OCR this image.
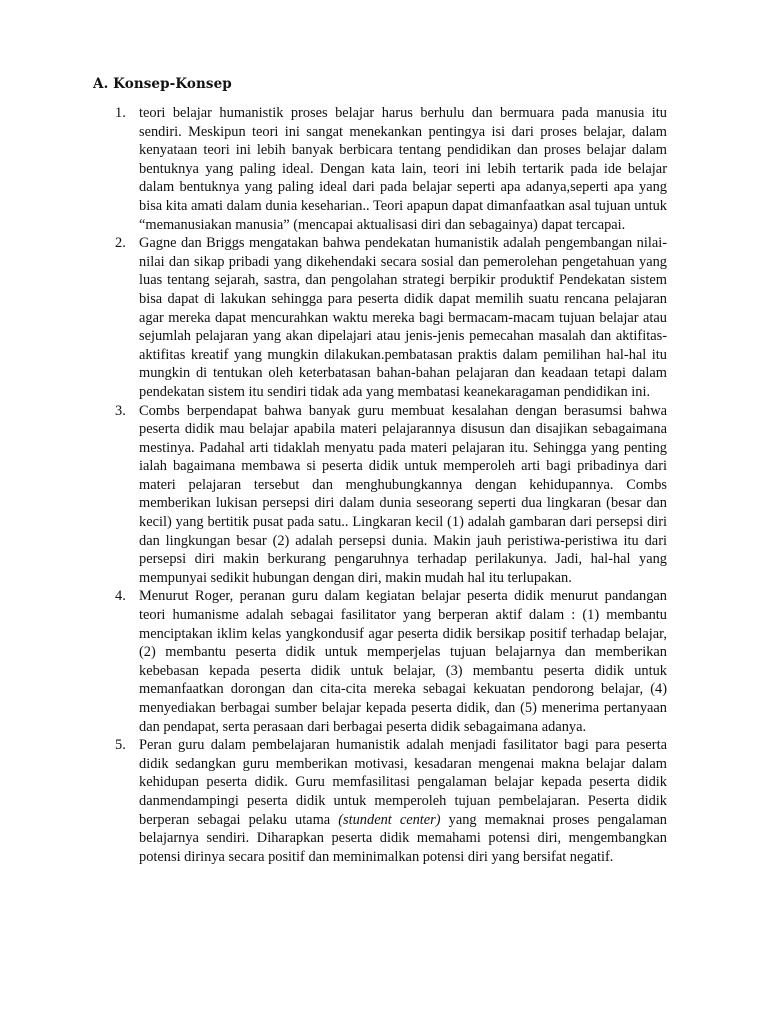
A. Konsep-Konsep
1. teori belajar humanistik proses belajar harus berhulu dan bermuara pada manusia itu sendiri. Meskipun teori ini sangat menekankan pentingya isi dari proses belajar, dalam kenyataan teori ini lebih banyak berbicara tentang pendidikan dan proses belajar dalam bentuknya yang paling ideal. Dengan kata lain, teori ini lebih tertarik pada ide belajar dalam bentuknya yang paling ideal dari pada belajar seperti apa adanya,seperti apa yang bisa kita amati dalam dunia keseharian.. Teori apapun dapat dimanfaatkan asal tujuan untuk “memanusiakan manusia” (mencapai aktualisasi diri dan sebagainya) dapat tercapai.
2. Gagne dan Briggs mengatakan bahwa pendekatan humanistik adalah pengembangan nilai-nilai dan sikap pribadi yang dikehendaki secara sosial dan pemerolehan pengetahuan yang luas tentang sejarah, sastra, dan pengolahan strategi berpikir produktif Pendekatan sistem bisa dapat di lakukan sehingga para peserta didik dapat memilih suatu rencana pelajaran agar mereka dapat mencurahkan waktu mereka bagi bermacam-macam tujuan belajar atau sejumlah pelajaran yang akan dipelajari atau jenis-jenis pemecahan masalah dan aktifitas-aktifitas kreatif yang mungkin dilakukan.pembatasan praktis dalam pemilihan hal-hal itu mungkin di tentukan oleh keterbatasan bahan-bahan pelajaran dan keadaan tetapi dalam pendekatan sistem itu sendiri tidak ada yang membatasi keanekaragaman pendidikan ini.
3. Combs berpendapat bahwa banyak guru membuat kesalahan dengan berasumsi bahwa peserta didik mau belajar apabila materi pelajarannya disusun dan disajikan sebagaimana mestinya. Padahal arti tidaklah menyatu pada materi pelajaran itu. Sehingga yang penting ialah bagaimana membawa si peserta didik untuk memperoleh arti bagi pribadinya dari materi pelajaran tersebut dan menghubungkannya dengan kehidupannya. Combs memberikan lukisan persepsi diri dalam dunia seseorang seperti dua lingkaran (besar dan kecil) yang bertitik pusat pada satu.. Lingkaran kecil (1) adalah gambaran dari persepsi diri dan lingkungan besar (2) adalah persepsi dunia. Makin jauh peristiwa-peristiwa itu dari persepsi diri makin berkurang pengaruhnya terhadap perilakunya. Jadi, hal-hal yang mempunyai sedikit hubungan dengan diri, makin mudah hal itu terlupakan.
4. Menurut Roger, peranan guru dalam kegiatan belajar peserta didik menurut pandangan teori humanisme adalah sebagai fasilitator yang berperan aktif dalam : (1) membantu menciptakan iklim kelas yangkondusif agar peserta didik bersikap positif terhadap belajar, (2) membantu peserta didik untuk memperjelas tujuan belajarnya dan memberikan kebebasan kepada peserta didik untuk belajar, (3) membantu peserta didik untuk memanfaatkan dorongan dan cita-cita mereka sebagai kekuatan pendorong belajar, (4) menyediakan berbagai sumber belajar kepada peserta didik, dan (5) menerima pertanyaan dan pendapat, serta perasaan dari berbagai peserta didik sebagaimana adanya.
5. Peran guru dalam pembelajaran humanistik adalah menjadi fasilitator bagi para peserta didik sedangkan guru memberikan motivasi, kesadaran mengenai makna belajar dalam kehidupan peserta didik. Guru memfasilitasi pengalaman belajar kepada peserta didik danmendampingi peserta didik untuk memperoleh tujuan pembelajaran. Peserta didik berperan sebagai pelaku utama (stundent center) yang memaknai proses pengalaman belajarnya sendiri. Diharapkan peserta didik memahami potensi diri, mengembangkan potensi dirinya secara positif dan meminimalkan potensi diri yang bersifat negatif.
